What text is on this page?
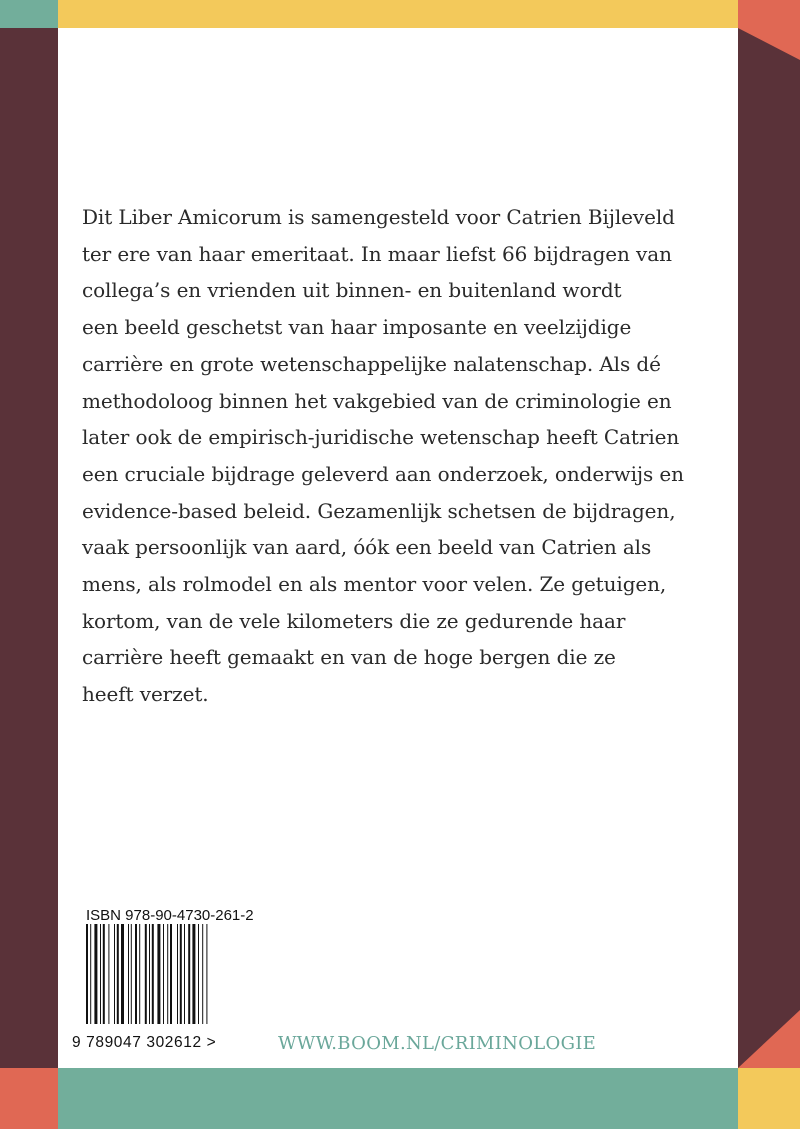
Dit Liber Amicorum is samengesteld voor Catrien Bijleveld
ter ere van haar emeritaat. In maar liefst 66 bijdragen van
collega’s en vrienden uit binnen- en buitenland wordt
een beeld geschetst van haar imposante en veelzijdige
carrière en grote wetenschappelijke nalatenschap. Als dé
methodoloog binnen het vakgebied van de criminologie en
later ook de empirisch-juridische wetenschap heeft Catrien
een cruciale bijdrage geleverd aan onderzoek, onderwijs en
evidence-based beleid. Gezamenlijk schetsen de bijdragen,
vaak persoonlijk van aard, óók een beeld van Catrien als
mens, als rolmodel en als mentor voor velen. Ze getuigen,
kortom, van de vele kilometers die ze gedurende haar
carrière heeft gemaakt en van de hoge bergen die ze
heeft verzet.
ISBN 978-90-4730-261-2
9 789047 302612 >	WWW.BOOM.NL/CRIMINOLOGIE
